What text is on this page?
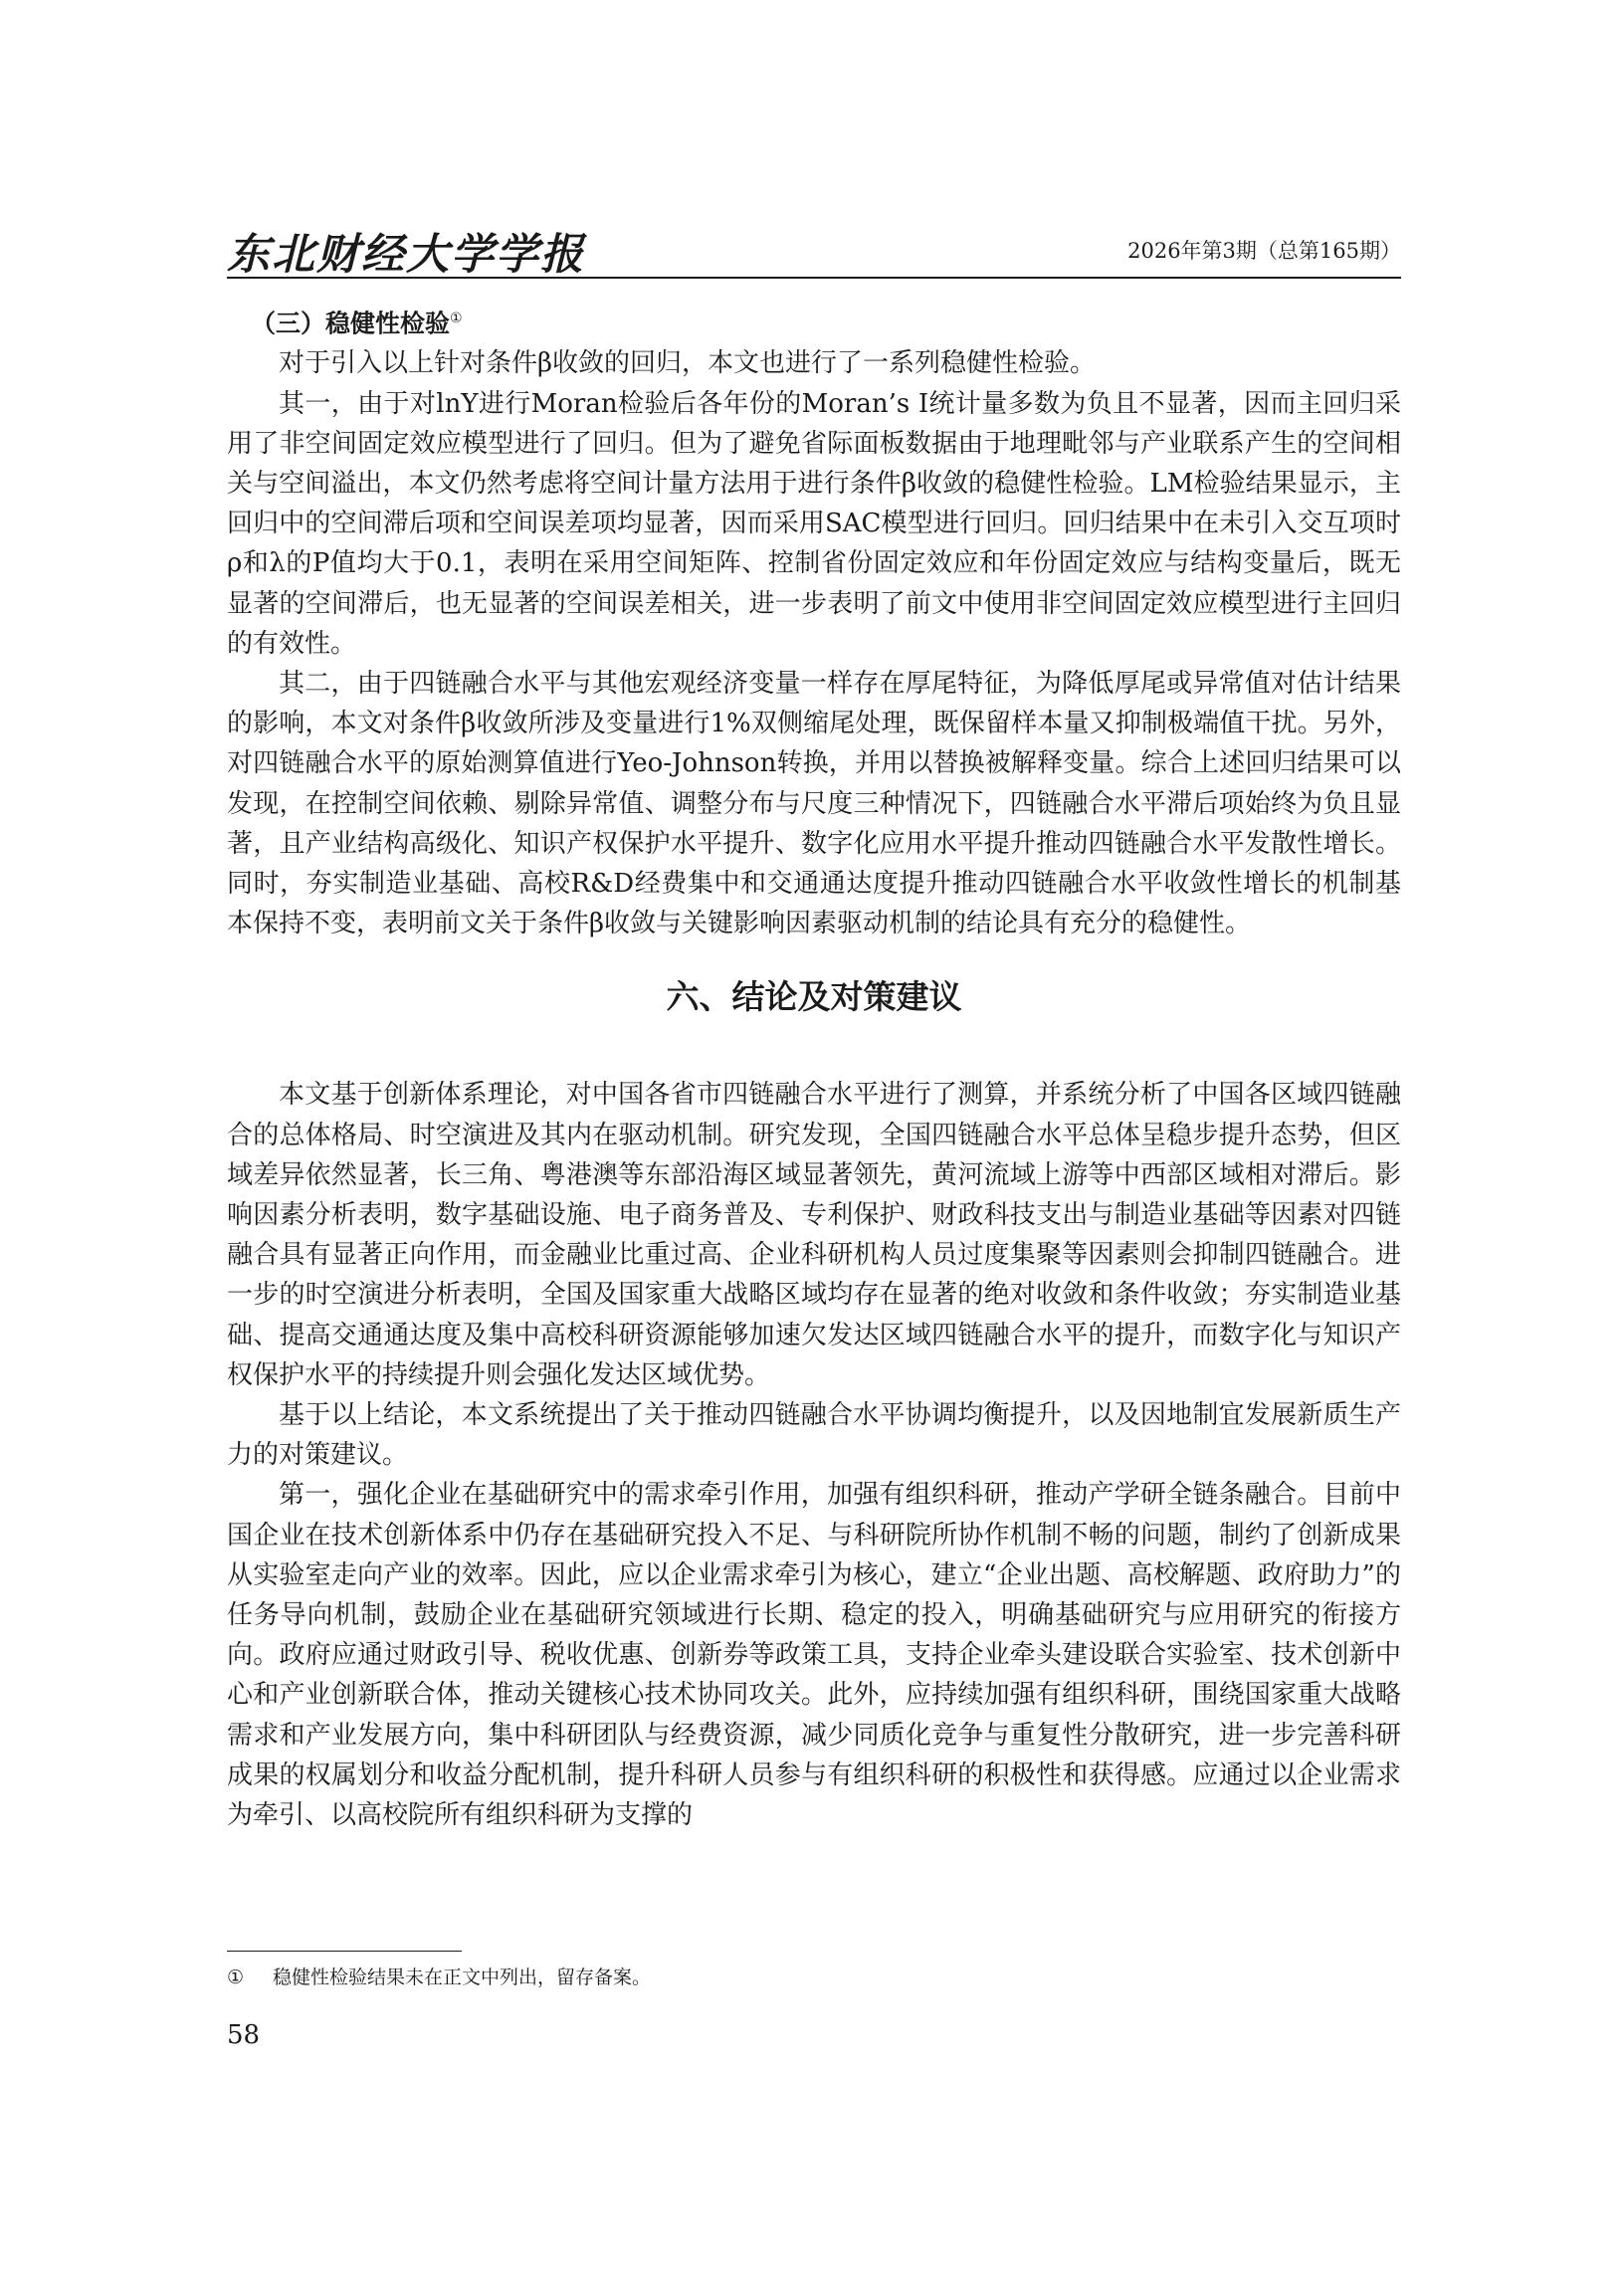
东北财经大学学报	2026年第3期（总第165期）
（三）稳健性检验①

对于引入以上针对条件β收敛的回归，本文也进行了一系列稳健性检验。

其一，由于对lnY进行Moran检验后各年份的Moran’s I统计量多数为负且不显著，因而主回归采用了非空间固定效应模型进行了回归。但为了避免省际面板数据由于地理毗邻与产业联系产生的空间相关与空间溢出，本文仍然考虑将空间计量方法用于进行条件β收敛的稳健性检验。LM检验结果显示，主回归中的空间滞后项和空间误差项均显著，因而采用SAC模型进行回归。回归结果中在未引入交互项时ρ和λ的P值均大于0.1，表明在采用空间矩阵、控制省份固定效应和年份固定效应与结构变量后，既无显著的空间滞后，也无显著的空间误差相关，进一步表明了前文中使用非空间固定效应模型进行主回归的有效性。

其二，由于四链融合水平与其他宏观经济变量一样存在厚尾特征，为降低厚尾或异常值对估计结果的影响，本文对条件β收敛所涉及变量进行1%双侧缩尾处理，既保留样本量又抑制极端值干扰。另外，对四链融合水平的原始测算值进行Yeo-Johnson转换，并用以替换被解释变量。综合上述回归结果可以发现，在控制空间依赖、剔除异常值、调整分布与尺度三种情况下，四链融合水平滞后项始终为负且显著，且产业结构高级化、知识产权保护水平提升、数字化应用水平提升推动四链融合水平发散性增长。同时，夯实制造业基础、高校R&D经费集中和交通通达度提升推动四链融合水平收敛性增长的机制基本保持不变，表明前文关于条件β收敛与关键影响因素驱动机制的结论具有充分的稳健性。

六、结论及对策建议

本文基于创新体系理论，对中国各省市四链融合水平进行了测算，并系统分析了中国各区域四链融合的总体格局、时空演进及其内在驱动机制。研究发现，全国四链融合水平总体呈稳步提升态势，但区域差异依然显著，长三角、粤港澳等东部沿海区域显著领先，黄河流域上游等中西部区域相对滞后。影响因素分析表明，数字基础设施、电子商务普及、专利保护、财政科技支出与制造业基础等因素对四链融合具有显著正向作用，而金融业比重过高、企业科研机构人员过度集聚等因素则会抑制四链融合。进一步的时空演进分析表明，全国及国家重大战略区域均存在显著的绝对收敛和条件收敛；夯实制造业基础、提高交通通达度及集中高校科研资源能够加速欠发达区域四链融合水平的提升，而数字化与知识产权保护水平的持续提升则会强化发达区域优势。

基于以上结论，本文系统提出了关于推动四链融合水平协调均衡提升，以及因地制宜发展新质生产力的对策建议。

第一，强化企业在基础研究中的需求牵引作用，加强有组织科研，推动产学研全链条融合。目前中国企业在技术创新体系中仍存在基础研究投入不足、与科研院所协作机制不畅的问题，制约了创新成果从实验室走向产业的效率。因此，应以企业需求牵引为核心，建立“企业出题、高校解题、政府助力”的任务导向机制，鼓励企业在基础研究领域进行长期、稳定的投入，明确基础研究与应用研究的衔接方向。政府应通过财政引导、税收优惠、创新券等政策工具，支持企业牵头建设联合实验室、技术创新中心和产业创新联合体，推动关键核心技术协同攻关。此外，应持续加强有组织科研，围绕国家重大战略需求和产业发展方向，集中科研团队与经费资源，减少同质化竞争与重复性分散研究，进一步完善科研成果的权属划分和收益分配机制，提升科研人员参与有组织科研的积极性和获得感。应通过以企业需求为牵引、以高校院所有组织科研为支撑的

① 稳健性检验结果未在正文中列出，留存备案。
58
